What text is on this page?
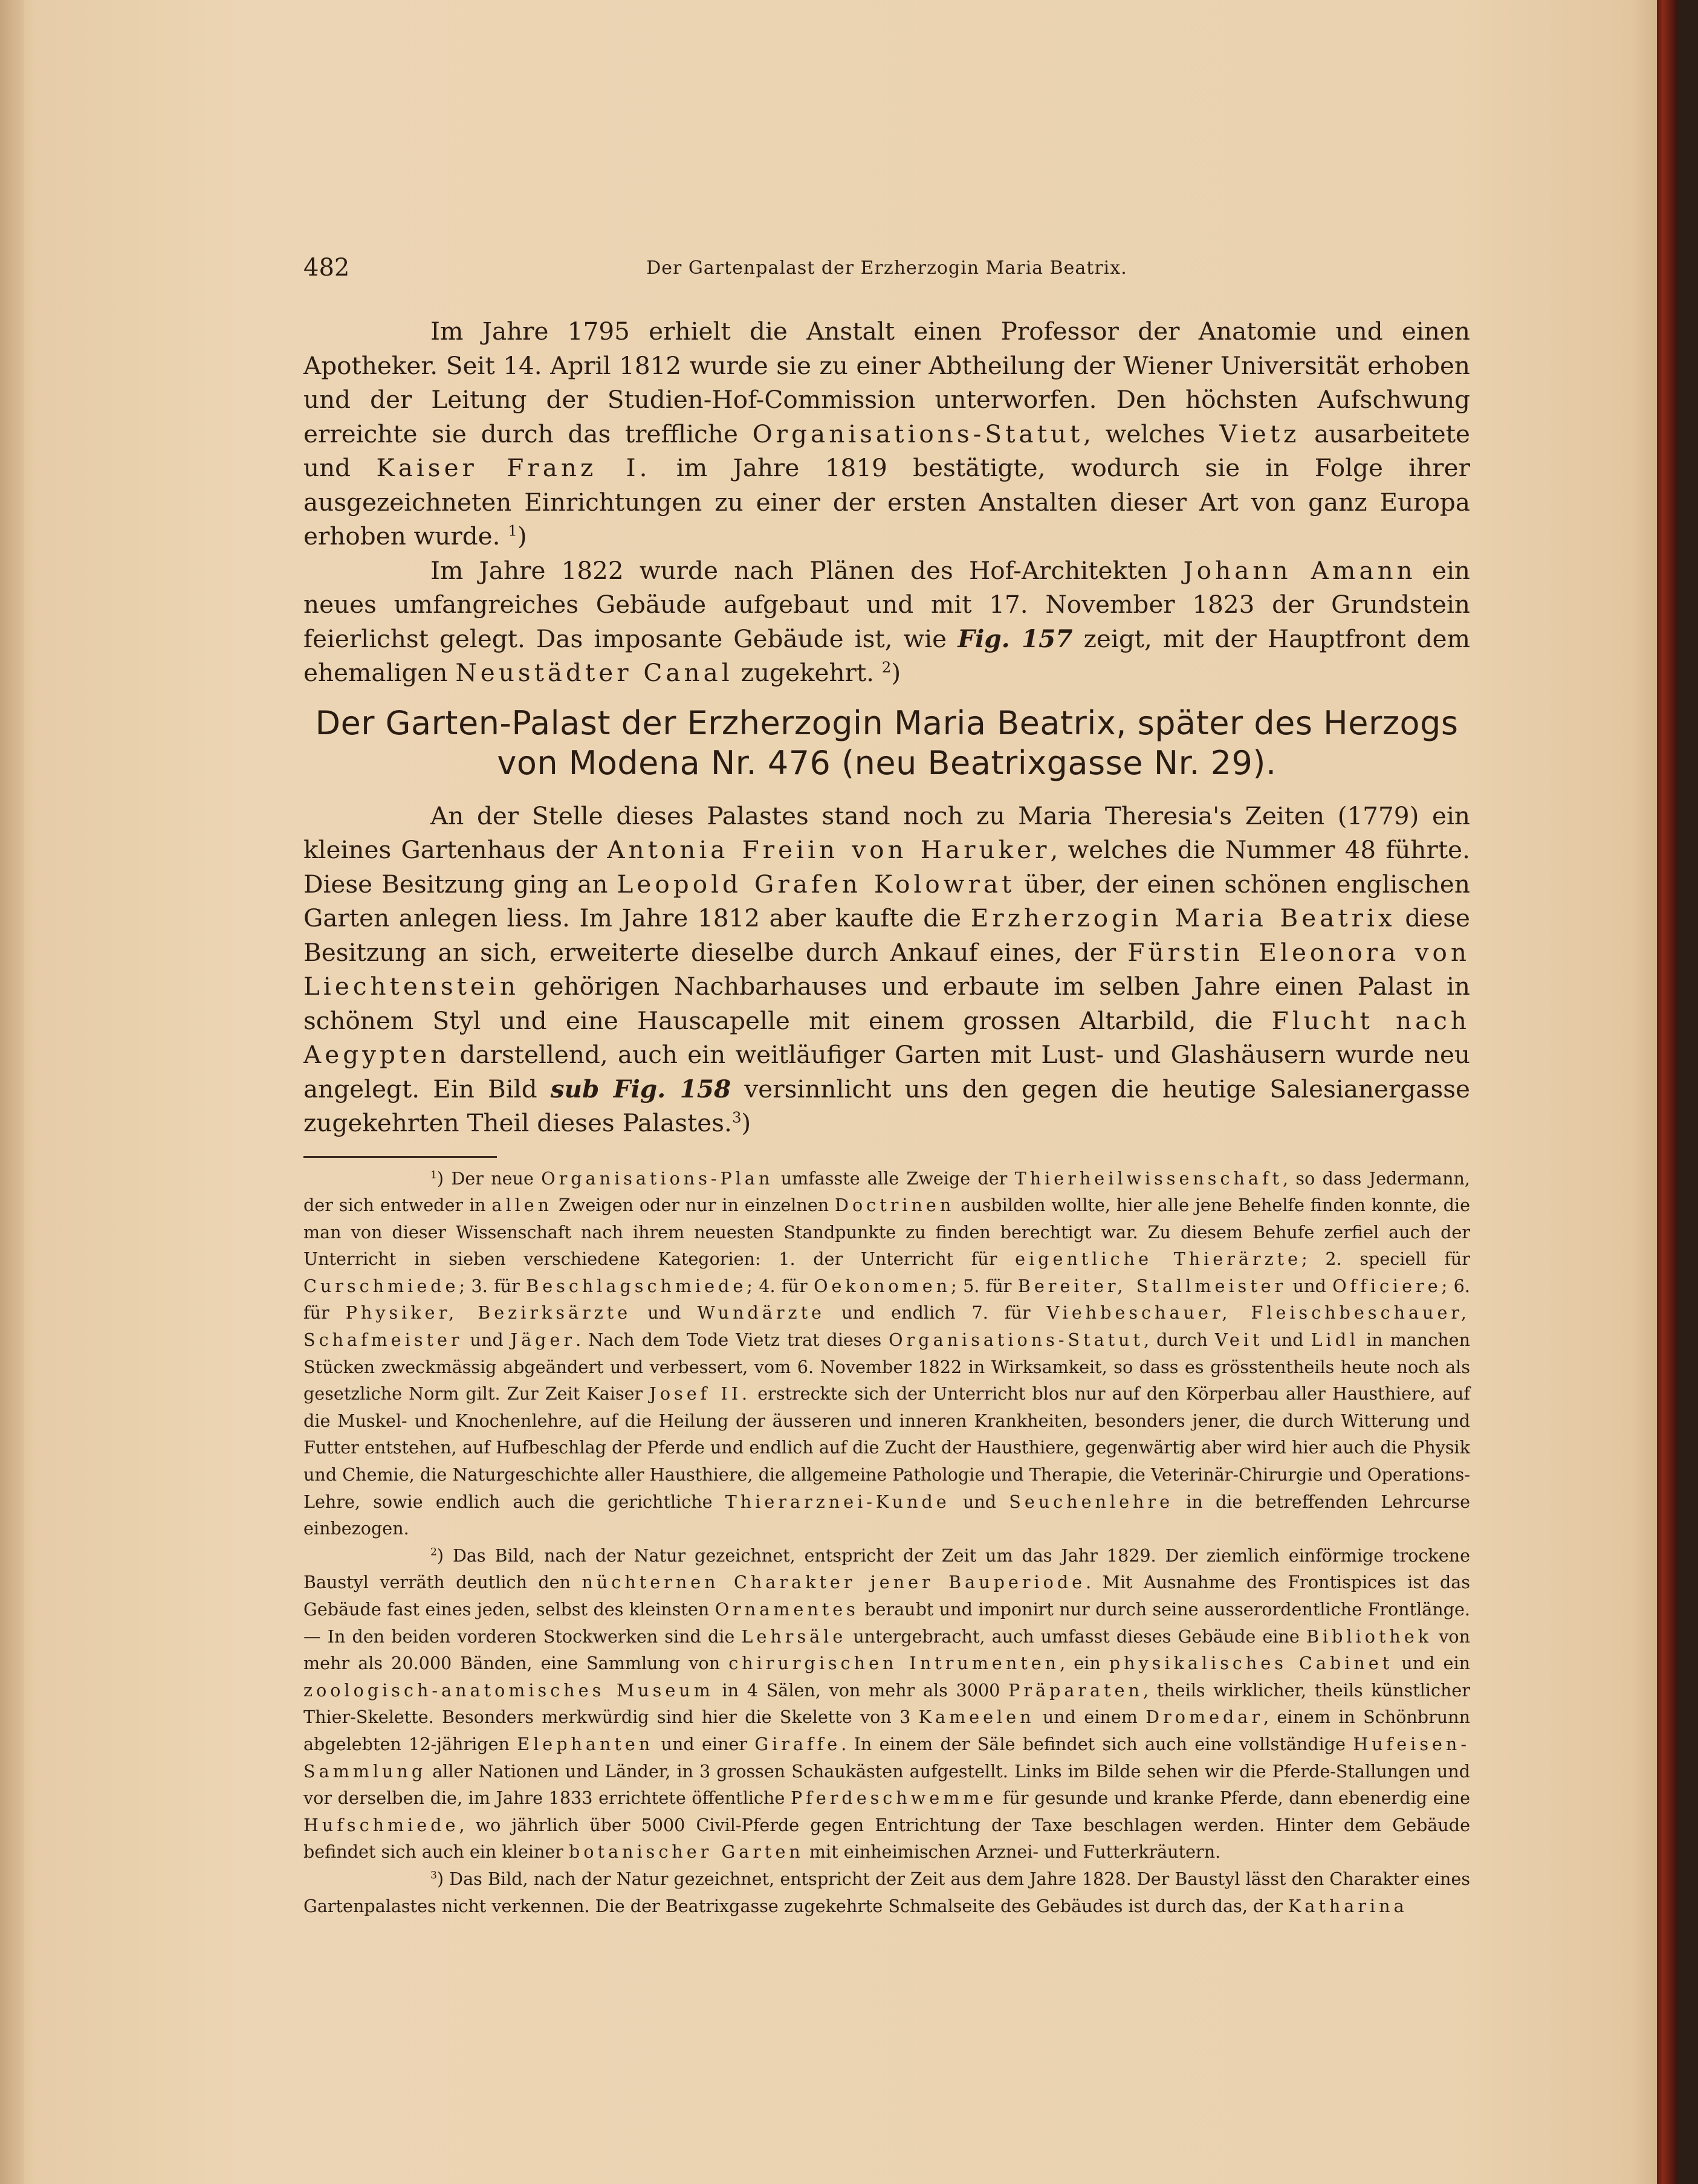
482	Der Gartenpalast der Erzherzogin Maria Beatrix.

Im Jahre 1795 erhielt die Anstalt einen Professor der Anatomie und einen Apotheker. Seit 14. April 1812 wurde sie zu einer Abtheilung der Wiener Universität erhoben und der Leitung der Studien-Hof-Commission unterworfen. Den höchsten Aufschwung erreichte sie durch das treffliche Organisations-Statut, welches Vietz ausarbeitete und Kaiser Franz I. im Jahre 1819 bestätigte, wodurch sie in Folge ihrer ausgezeichneten Einrichtungen zu einer der ersten Anstalten dieser Art von ganz Europa erhoben wurde. $^1$)

Im Jahre 1822 wurde nach Plänen des Hof-Architekten Johann Amann ein neues umfangreiches Gebäude aufgebaut und mit 17. November 1823 der Grundstein feierlichst gelegt. Das imposante Gebäude ist, wie Fig. 157 zeigt, mit der Hauptfront dem ehemaligen Neustädter Canal zugekehrt. $^2$)

Der Garten-Palast der Erzherzogin Maria Beatrix, später des Herzogs
von Modena Nr. 476 (neu Beatrixgasse Nr. 29).

An der Stelle dieses Palastes stand noch zu Maria Theresia's Zeiten (1779) ein kleines Gartenhaus der Antonia Freiin von Haruker, welches die Nummer 48 führte. Diese Besitzung ging an Leopold Grafen Kolowrat über, der einen schönen englischen Garten anlegen liess. Im Jahre 1812 aber kaufte die Erzherzogin Maria Beatrix diese Besitzung an sich, erweiterte dieselbe durch Ankauf eines, der Fürstin Eleonora von Liechtenstein gehörigen Nachbarhauses und erbaute im selben Jahre einen Palast in schönem Styl und eine Hauscapelle mit einem grossen Altarbild, die Flucht nach Aegypten darstellend, auch ein weitläufiger Garten mit Lust- und Glashäusern wurde neu angelegt. Ein Bild sub Fig. 158 versinnlicht uns den gegen die heutige Salesianergasse zugekehrten Theil dieses Palastes.$^3$)

$^1$) Der neue Organisations-Plan umfasste alle Zweige der Thierheilwissenschaft, so dass Jedermann, der sich entweder in allen Zweigen oder nur in einzelnen Doctrinen ausbilden wollte, hier alle jene Behelfe finden konnte, die man von dieser Wissenschaft nach ihrem neuesten Standpunkte zu finden berechtigt war. Zu diesem Behufe zerfiel auch der Unterricht in sieben verschiedene Kategorien: 1. der Unterricht für eigentliche Thierärzte; 2. speciell für Curschmiede; 3. für Beschlagschmiede; 4. für Oekonomen; 5. für Bereiter, Stallmeister und Officiere; 6. für Physiker, Bezirksärzte und Wundärzte und endlich 7. für Viehbeschauer, Fleischbeschauer, Schafmeister und Jäger. Nach dem Tode Vietz trat dieses Organisations-Statut, durch Veit und Lidl in manchen Stücken zweckmässig abgeändert und verbessert, vom 6. November 1822 in Wirksamkeit, so dass es grösstentheils heute noch als gesetzliche Norm gilt. Zur Zeit Kaiser Josef II. erstreckte sich der Unterricht blos nur auf den Körperbau aller Hausthiere, auf die Muskel- und Knochenlehre, auf die Heilung der äusseren und inneren Krankheiten, besonders jener, die durch Witterung und Futter entstehen, auf Hufbeschlag der Pferde und endlich auf die Zucht der Hausthiere, gegenwärtig aber wird hier auch die Physik und Chemie, die Naturgeschichte aller Hausthiere, die allgemeine Pathologie und Therapie, die Veterinär-Chirurgie und Operations-Lehre, sowie endlich auch die gerichtliche Thierarznei-Kunde und Seuchenlehre in die betreffenden Lehrcurse einbezogen.

$^2$) Das Bild, nach der Natur gezeichnet, entspricht der Zeit um das Jahr 1829. Der ziemlich einförmige trockene Baustyl verräth deutlich den nüchternen Charakter jener Bauperiode. Mit Ausnahme des Frontispices ist das Gebäude fast eines jeden, selbst des kleinsten Ornamentes beraubt und imponirt nur durch seine ausserordentliche Frontlänge. — In den beiden vorderen Stockwerken sind die Lehrsäle untergebracht, auch umfasst dieses Gebäude eine Bibliothek von mehr als 20.000 Bänden, eine Sammlung von chirurgischen Intrumenten, ein physikalisches Cabinet und ein zoologisch-anatomisches Museum in 4 Sälen, von mehr als 3000 Präparaten, theils wirklicher, theils künstlicher Thier-Skelette. Besonders merkwürdig sind hier die Skelette von 3 Kameelen und einem Dromedar, einem in Schönbrunn abgelebten 12-jährigen Elephanten und einer Giraffe. In einem der Säle befindet sich auch eine vollständige Hufeisen-Sammlung aller Nationen und Länder, in 3 grossen Schaukästen aufgestellt. Links im Bilde sehen wir die Pferde-Stallungen und vor derselben die, im Jahre 1833 errichtete öffentliche Pferdeschwemme für gesunde und kranke Pferde, dann ebenerdig eine Hufschmiede, wo jährlich über 5000 Civil-Pferde gegen Entrichtung der Taxe beschlagen werden. Hinter dem Gebäude befindet sich auch ein kleiner botanischer Garten mit einheimischen Arznei- und Futterkräutern.

$^3$) Das Bild, nach der Natur gezeichnet, entspricht der Zeit aus dem Jahre 1828. Der Baustyl lässt den Charakter eines Gartenpalastes nicht verkennen. Die der Beatrixgasse zugekehrte Schmalseite des Gebäudes ist durch das, der Katharina
